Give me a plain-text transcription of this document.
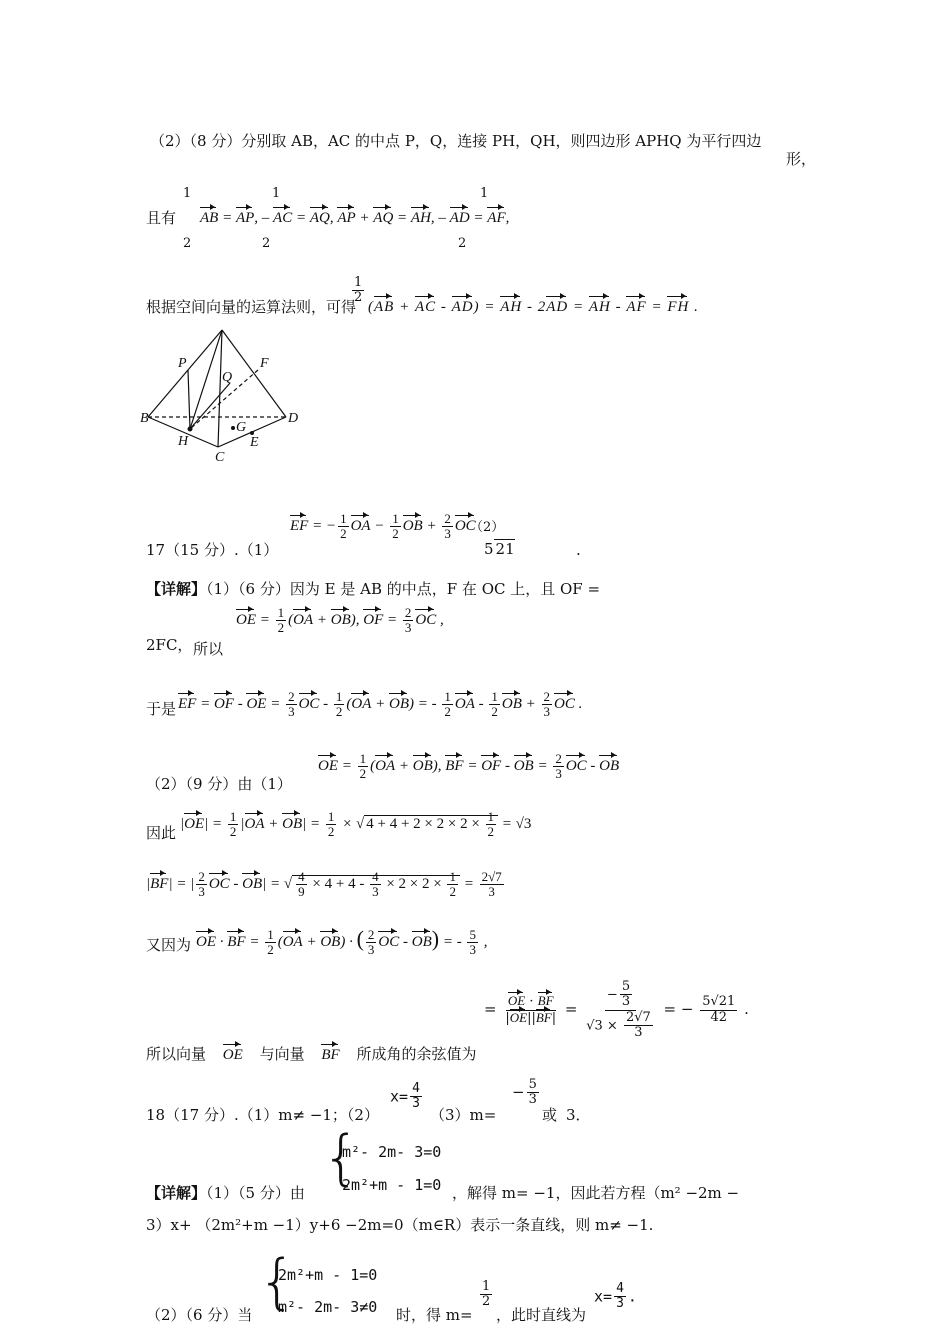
（2）（8 分）分别取 AB，AC 的中点 P，Q，连接 PH，QH，则四边形 APHQ 为平行四边
形，
且有
1
2
AB = AP, – AC = AQ, AP + AQ = AH, – AD = AF,
1
2
1
2
根据空间向量的运算法则，可得
$\frac{1}{2}$
(AB + AC - AD) = AH - 2AD = AH - AF = FH .
P	F
Q
B	D
H
G
E
C
17（15 分）.（1）
EF = − $\frac{1}{2}$ OA − $\frac{1}{2}$ OB + $\frac{2}{3}$ OC
（2）
5 21	.
【详解】（1）（6 分）因为 E 是 AB 的中点，F 在 OC 上，且 OF =
2FC， 所以
OE = $\frac{1}{2} (OA + OB)$, OF = $\frac{2}{3}$ OC ,
于是 EF = OF - OE = $\frac{2}{3}$ OC - $\frac{1}{2} (OA + OB)$ = - $\frac{1}{2}$ OA - $\frac{1}{2}$ OB + $\frac{2}{3}$ OC .
（2）（9 分）由（1）
OE = $\frac{1}{2} (OA + OB)$, BF = OF - OB = $\frac{2}{3}$ OC - OB
因此 $|OE| = \frac{1}{2} |OA + OB| = \frac{1}{2}$ × √ $4 + 4 + 2 \times 2 \times 2 \times \frac{1}{2} = √3$
|BF| = | $\frac{2}{3}$ OC - OB| = √ $\frac{4}{9} \times 4 + 4 - \frac{4}{3} \times 2 \times 2 \times \frac{1}{2} = \frac{2√7}{3}$
又因为 OE · BF = $\frac{1}{2} (OA + OB)$ · ( $\frac{2}{3}$ OC - OB) = - $\frac{5}{3}$ ,
= $\frac{OE \cdot BF}{|OE||BF|} = \frac{- \frac{5}{3}}{√3 \times \frac{2√7}{3}}$ = − $\frac{5√21}{42}$ .
所以向量 OE 与向量 BF 所成角的余弦值为
18（17 分）.（1）m≠ −1；（2）
$x= \frac{4}{3}$
（3）m=
− $\frac{5}{3}$
或 3．
【详解】（1）（5 分）由 {
m²- 2m- 3=0
2m²+m - 1=0 ，解得 m= −1，因此若方程（m² −2m −
3）x+ （2m²+m −1）y+6 −2m=0（m∈R）表示一条直线，则 m≠ −1.
（2）（6 分）当 {
2m²+m - 1=0
m²- 2m- 3≠0 时，得 m=
$\frac{1}{2}$
，此时直线为
$x= \frac{4}{3}$ .
